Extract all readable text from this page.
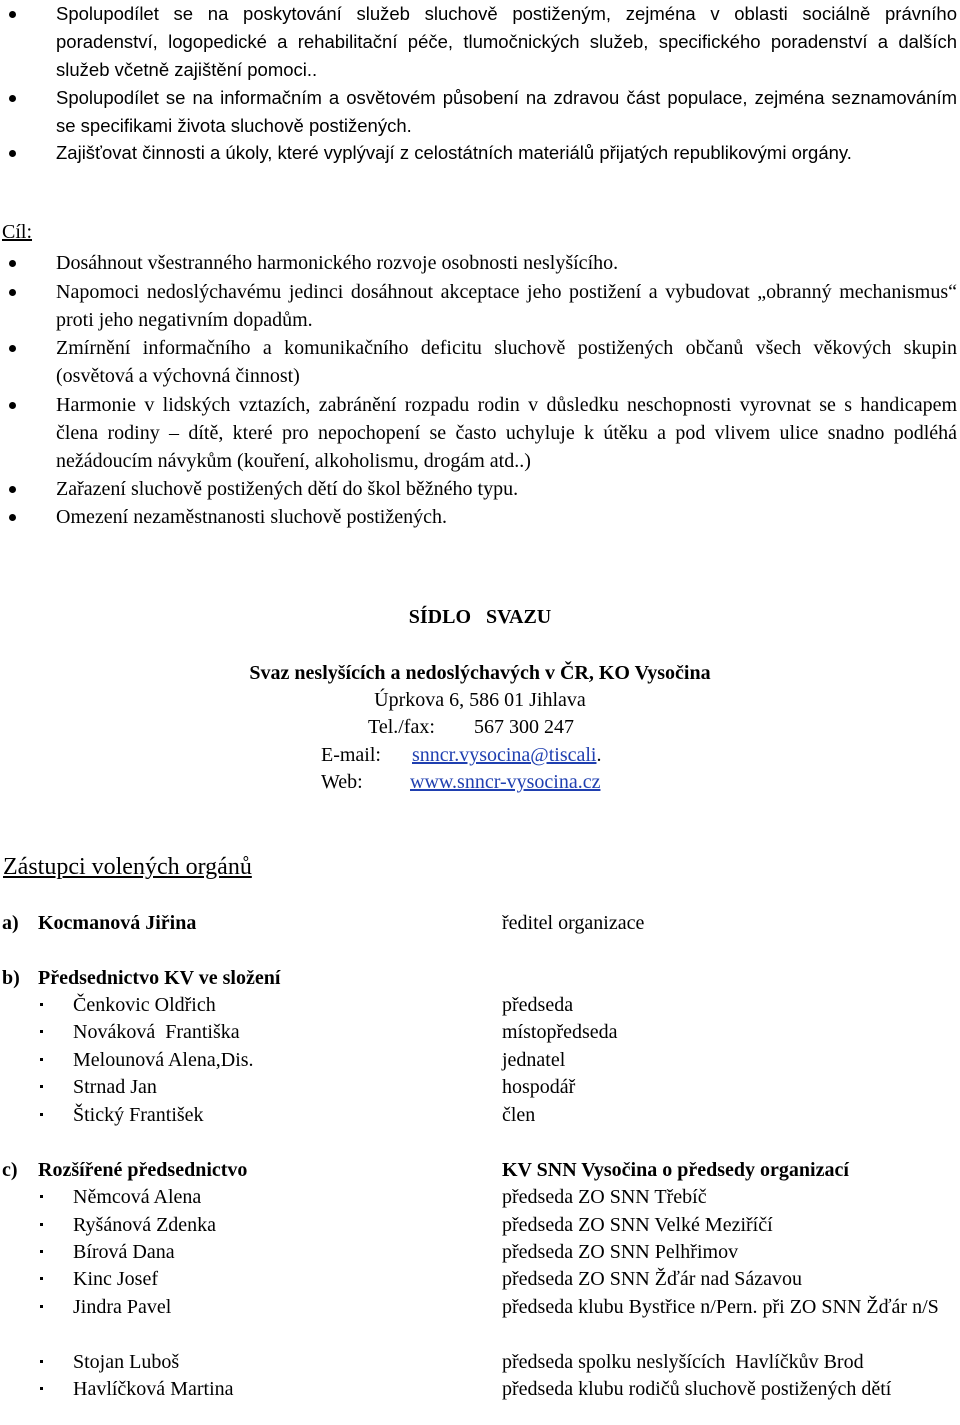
Spolupodílet se na poskytování služeb sluchově postiženým, zejména v oblasti sociálně právního poradenství, logopedické a rehabilitační péče, tlumočnických služeb, specifického poradenství a dalších služeb včetně zajištění pomoci..
Spolupodílet se na informačním a osvětovém působení na zdravou část populace, zejména seznamováním se specifikami života sluchově postižených.
Zajišťovat činnosti a úkoly, které vyplývají z celostátních materiálů přijatých republikovými orgány.
Cíl:
Dosáhnout všestranného harmonického rozvoje osobnosti neslyšícího.
Napomoci nedoslýchavému jedinci dosáhnout akceptace jeho postižení a vybudovat „obranný mechanismus“ proti jeho negativním dopadům.
Zmírnění informačního a komunikačního deficitu sluchově postižených občanů všech věkových skupin (osvětová a výchovná činnost)
Harmonie v lidských vztazích, zabránění rozpadu rodin v důsledku neschopnosti vyrovnat se s handicapem člena rodiny – dítě, které pro nepochopení se často uchyluje k útěku a pod vlivem ulice snadno podléhá nežádoucím návykům (kouření, alkoholismu, drogám atd..)
Zařazení sluchově postižených dětí do škol běžného typu.
Omezení nezaměstnanosti sluchově postižených.
SÍDLO   SVAZU
Svaz neslyšících a nedoslýchavých v ČR, KO Vysočina
Úprkova 6, 586 01 Jihlava
Tel./fax: 567 300 247
E-mail: snncr.vysocina@tiscali.
Web: www.snncr-vysocina.cz
Zástupci volených orgánů
a) Kocmanová Jiřina	ředitel organizace
b) Předsednictvo KV ve složení
Čenkovic Oldřich	předseda
Nováková  Františka	místopředseda
Melounová Alena,Dis.	jednatel
Strnad Jan	hospodář
Štický František	člen
c) Rozšířené předsednictvo	KV SNN Vysočina o předsedy organizací
Němcová Alena	předseda ZO SNN Třebíč
Ryšánová Zdenka	předseda ZO SNN Velké Meziříčí
Bírová Dana	předseda ZO SNN Pelhřimov
Kinc Josef	předseda ZO SNN Žďár nad Sázavou
Jindra Pavel	předseda klubu Bystřice n/Pern. při ZO SNN Žďár n/S
Stojan Luboš	předseda spolku neslyšících  Havlíčkův Brod
Havlíčková Martina	předseda klubu rodičů sluchově postižených dětí
